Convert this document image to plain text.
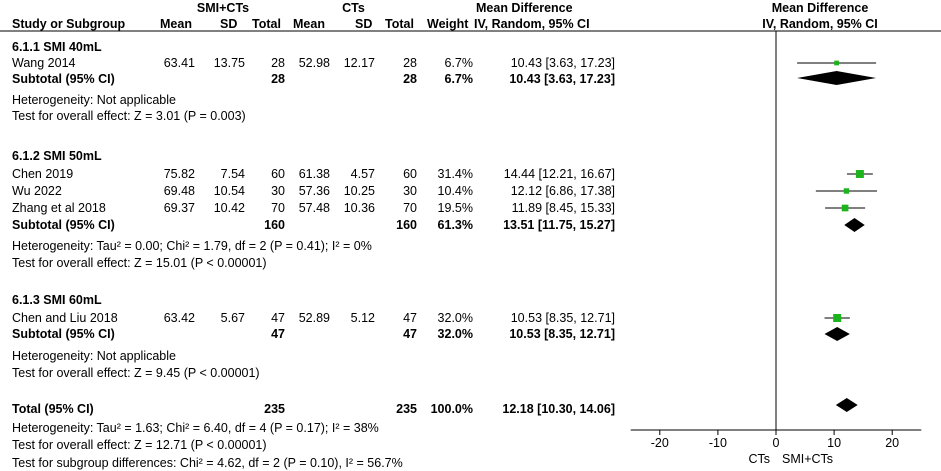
SMI+CTs	CTs	Mean Difference	Mean Difference
IV, Random, 95% CI	IV, Random, 95% CI
Study or Subgroup	Mean SD Total Mean SD Total Weight
6.1.1 SMI 40mL
Wang 2014	63.41	13.75	28	52.98	12.17	28	6.7%	10.43 [3.63, 17.23]
Subtotal (95% CI)	28	28	6.7%	10.43 [3.63, 17.23]
Heterogeneity: Not applicable
Test for overall effect: Z = 3.01 (P = 0.003)
6.1.2 SMI 50mL
Chen 2019	75.82	7.54	60	61.38	4.57	60	31.4%	14.44 [12.21, 16.67]
Wu 2022	69.48	10.54	30	57.36	10.25	30	10.4%	12.12 [6.86, 17.38]
Zhang et al 2018	69.37	10.42	70	57.48	10.36	70	19.5%	11.89 [8.45, 15.33]
Subtotal (95% CI)	160	160	61.3%	13.51 [11.75, 15.27]
Heterogeneity: Tau² = 0.00; Chi² = 1.79, df = 2 (P = 0.41); I² = 0%
Test for overall effect: Z = 15.01 (P < 0.00001)
6.1.3 SMI 60mL
Chen and Liu 2018	63.42	5.67	47	52.89	5.12	47	32.0%	10.53 [8.35, 12.71]
Subtotal (95% CI)	47	47	32.0%	10.53 [8.35, 12.71]
Heterogeneity: Not applicable
Test for overall effect: Z = 9.45 (P < 0.00001)
Total (95% CI)	235	235	100.0%	12.18 [10.30, 14.06]
Heterogeneity: Tau² = 1.63; Chi² = 6.40, df = 4 (P = 0.17); I² = 38%
Test for overall effect: Z = 12.71 (P < 0.00001)
Test for subgroup differences: Chi² = 4.62, df = 2 (P = 0.10), I² = 56.7%
-20	-10	0	10	20
CTs SMI+CTs
